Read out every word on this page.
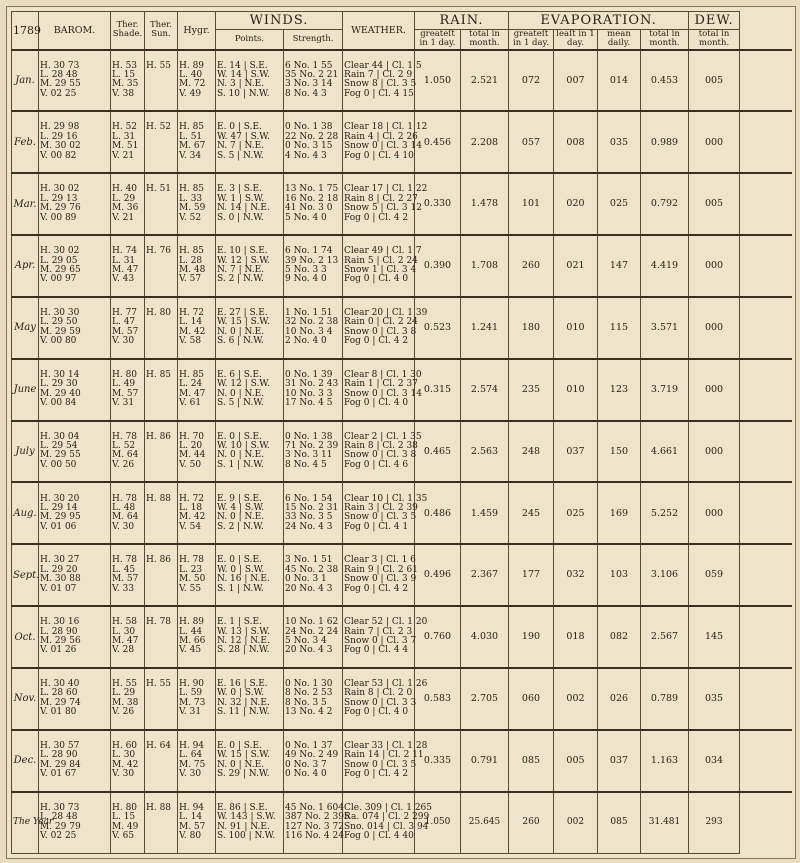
1789	BAROM.	Ther. Shade.	Ther. Sun.	Hygr.	WINDS.		WEATHER.	RAIN.		EVAPORATION.				DEW.
					Points.	Strength.		greateſt in 1 day.	total in month.	greateſt in 1 day.	leaſt in 1 day.	mean daily.	total in month.	total in month.
Jan.	H. 30 73
L. 28 48
M. 29 55
V. 02 25	H. 53
L. 15
M. 35
V. 38	H. 55	H. 89
L. 40
M. 72
V. 49	E. 14 | S.E.
W. 14 | S.W.
N. 3 | N.E.
S. 10 | N.W.	6 No. 1 55
35 No. 2 21
3 No. 3 14
8 No. 4 3	Clear 44 | Cl. 1 5
Rain 7 | Cl. 2 9
Snow 8 | Cl. 3 5
Fog 0 | Cl. 4 15	1.050	2.521	072	007	014	0.453	005
Feb.	H. 29 98
L. 29 16
M. 30 02
V. 00 82	H. 52
L. 31
M. 51
V. 21	H. 52	H. 85
L. 51
M. 67
V. 34	E. 0 | S.E.
W. 47 | S.W.
N. 7 | N.E.
S. 5 | N.W.	0 No. 1 38
22 No. 2 28
0 No. 3 15
4 No. 4 3	Clear 18 | Cl. 1 12
Rain 4 | Cl. 2 26
Snow 0 | Cl. 3 14
Fog 0 | Cl. 4 10	0.456	2.208	057	008	035	0.989	000
Mar.	H. 30 02
L. 29 13
M. 29 76
V. 00 89	H. 40
L. 29
M. 36
V. 21	H. 51	H. 85
L. 33
M. 59
V. 52	E. 3 | S.E.
W. 1 | S.W.
N. 14 | N.E.
S. 0 | N.W.	13 No. 1 75
16 No. 2 18
41 No. 3 0
5 No. 4 0	Clear 17 | Cl. 1 22
Rain 8 | Cl. 2 27
Snow 5 | Cl. 3 12
Fog 0 | Cl. 4 2	0.330	1.478	101	020	025	0.792	005
Apr.	H. 30 02
L. 29 05
M. 29 65
V. 00 97	H. 74
L. 31
M. 47
V. 43	H. 76	H. 85
L. 28
M. 48
V. 57	E. 10 | S.E.
W. 12 | S.W.
N. 7 | N.E.
S. 2 | N.W.	6 No. 1 74
39 No. 2 13
5 No. 3 3
9 No. 4 0	Clear 49 | Cl. 1 7
Rain 5 | Cl. 2 24
Snow 1 | Cl. 3 4
Fog 0 | Cl. 4 0	0.390	1.708	260	021	147	4.419	000
May	H. 30 30
L. 29 50
M. 29 59
V. 00 80	H. 77
L. 47
M. 57
V. 30	H. 80	H. 72
L. 14
M. 42
V. 58	E. 27 | S.E.
W. 15 | S.W.
N. 0 | N.E.
S. 6 | N.W.	1 No. 1 51
32 No. 2 38
10 No. 3 4
2 No. 4 0	Clear 20 | Cl. 1 39
Rain 0 | Cl. 2 24
Snow 0 | Cl. 3 8
Fog 0 | Cl. 4 2	0.523	1.241	180	010	115	3.571	000
June	H. 30 14
L. 29 30
M. 29 40
V. 00 84	H. 80
L. 49
M. 57
V. 31	H. 85	H. 85
L. 24
M. 47
V. 61	E. 6 | S.E.
W. 12 | S.W.
N. 0 | N.E.
S. 5 | N.W.	0 No. 1 39
31 No. 2 43
10 No. 3 3
17 No. 4 5	Clear 8 | Cl. 1 30
Rain 1 | Cl. 2 37
Snow 0 | Cl. 3 14
Fog 0 | Cl. 4 0	0.315	2.574	235	010	123	3.719	000
July	H. 30 04
L. 29 54
M. 29 55
V. 00 50	H. 78
L. 52
M. 64
V. 26	H. 86	H. 70
L. 20
M. 44
V. 50	E. 0 | S.E.
W. 10 | S.W.
N. 0 | N.E.
S. 1 | N.W.	0 No. 1 38
71 No. 2 39
3 No. 3 11
8 No. 4 5	Clear 2 | Cl. 1 35
Rain 8 | Cl. 2 38
Snow 0 | Cl. 3 8
Fog 0 | Cl. 4 6	0.465	2.563	248	037	150	4.661	000
Aug.	H. 30 20
L. 29 14
M. 29 95
V. 01 06	H. 78
L. 48
M. 64
V. 30	H. 88	H. 72
L. 18
M. 42
V. 54	E. 9 | S.E.
W. 4 | S.W.
N. 0 | N.E.
S. 2 | N.W.	6 No. 1 54
15 No. 2 31
33 No. 3 5
24 No. 4 3	Clear 10 | Cl. 1 35
Rain 3 | Cl. 2 39
Snow 0 | Cl. 3 5
Fog 0 | Cl. 4 1	0.486	1.459	245	025	169	5.252	000
Sept.	H. 30 27
L. 29 20
M. 30 88
V. 01 07	H. 78
L. 45
M. 57
V. 33	H. 86	H. 78
L. 23
M. 50
V. 55	E. 0 | S.E.
W. 0 | S.W.
N. 16 | N.E.
S. 1 | N.W.	3 No. 1 51
45 No. 2 38
0 No. 3 1
20 No. 4 3	Clear 3 | Cl. 1 6
Rain 9 | Cl. 2 61
Snow 0 | Cl. 3 9
Fog 0 | Cl. 4 2	0.496	2.367	177	032	103	3.106	059
Oct.	H. 30 16
L. 28 90
M. 29 56
V. 01 26	H. 58
L. 30
M. 47
V. 28	H. 78	H. 89
L. 44
M. 66
V. 45	E. 1 | S.E.
W. 13 | S.W.
N. 12 | N.E.
S. 28 | N.W.	10 No. 1 62
24 No. 2 24
5 No. 3 4
20 No. 4 3	Clear 52 | Cl. 1 20
Rain 7 | Cl. 2 3
Snow 0 | Cl. 3 7
Fog 0 | Cl. 4 4	0.760	4.030	190	018	082	2.567	145
Nov.	H. 30 40
L. 28 60
M. 29 74
V. 01 80	H. 55
L. 29
M. 38
V. 26	H. 55	H. 90
L. 59
M. 73
V. 31	E. 16 | S.E.
W. 0 | S.W.
N. 32 | N.E.
S. 11 | N.W.	0 No. 1 30
8 No. 2 53
8 No. 3 5
13 No. 4 2	Clear 53 | Cl. 1 26
Rain 8 | Cl. 2 0
Snow 0 | Cl. 3 3
Fog 0 | Cl. 4 0	0.583	2.705	060	002	026	0.789	035
Dec.	H. 30 57
L. 28 90
M. 29 84
V. 01 67	H. 60
L. 30
M. 42
V. 30	H. 64	H. 94
L. 64
M. 75
V. 30	E. 0 | S.E.
W. 15 | S.W.
N. 0 | N.E.
S. 29 | N.W.	0 No. 1 37
49 No. 2 49
0 No. 3 7
0 No. 4 0	Clear 33 | Cl. 1 28
Rain 14 | Cl. 2 11
Snow 0 | Cl. 3 5
Fog 0 | Cl. 4 2	0.335	0.791	085	005	037	1.163	034
The Year	H. 30 73
L. 28 48
M. 29 79
V. 02 25	H. 80
L. 15
M. 49
V. 65	H. 88	H. 94
L. 14
M. 57
V. 80	E. 86 | S.E.
W. 143 | S.W.
N. 91 | N.E.
S. 100 | N.W.	45 No. 1 604
387 No. 2 395
127 No. 3 72
116 No. 4 24	Cle. 309 | Cl. 1 265
Ra. 074 | Cl. 2 299
Sno. 014 | Cl. 3 94
Fog 0 | Cl. 4 40	1.050	25.645	260	002	085	31.481	293
